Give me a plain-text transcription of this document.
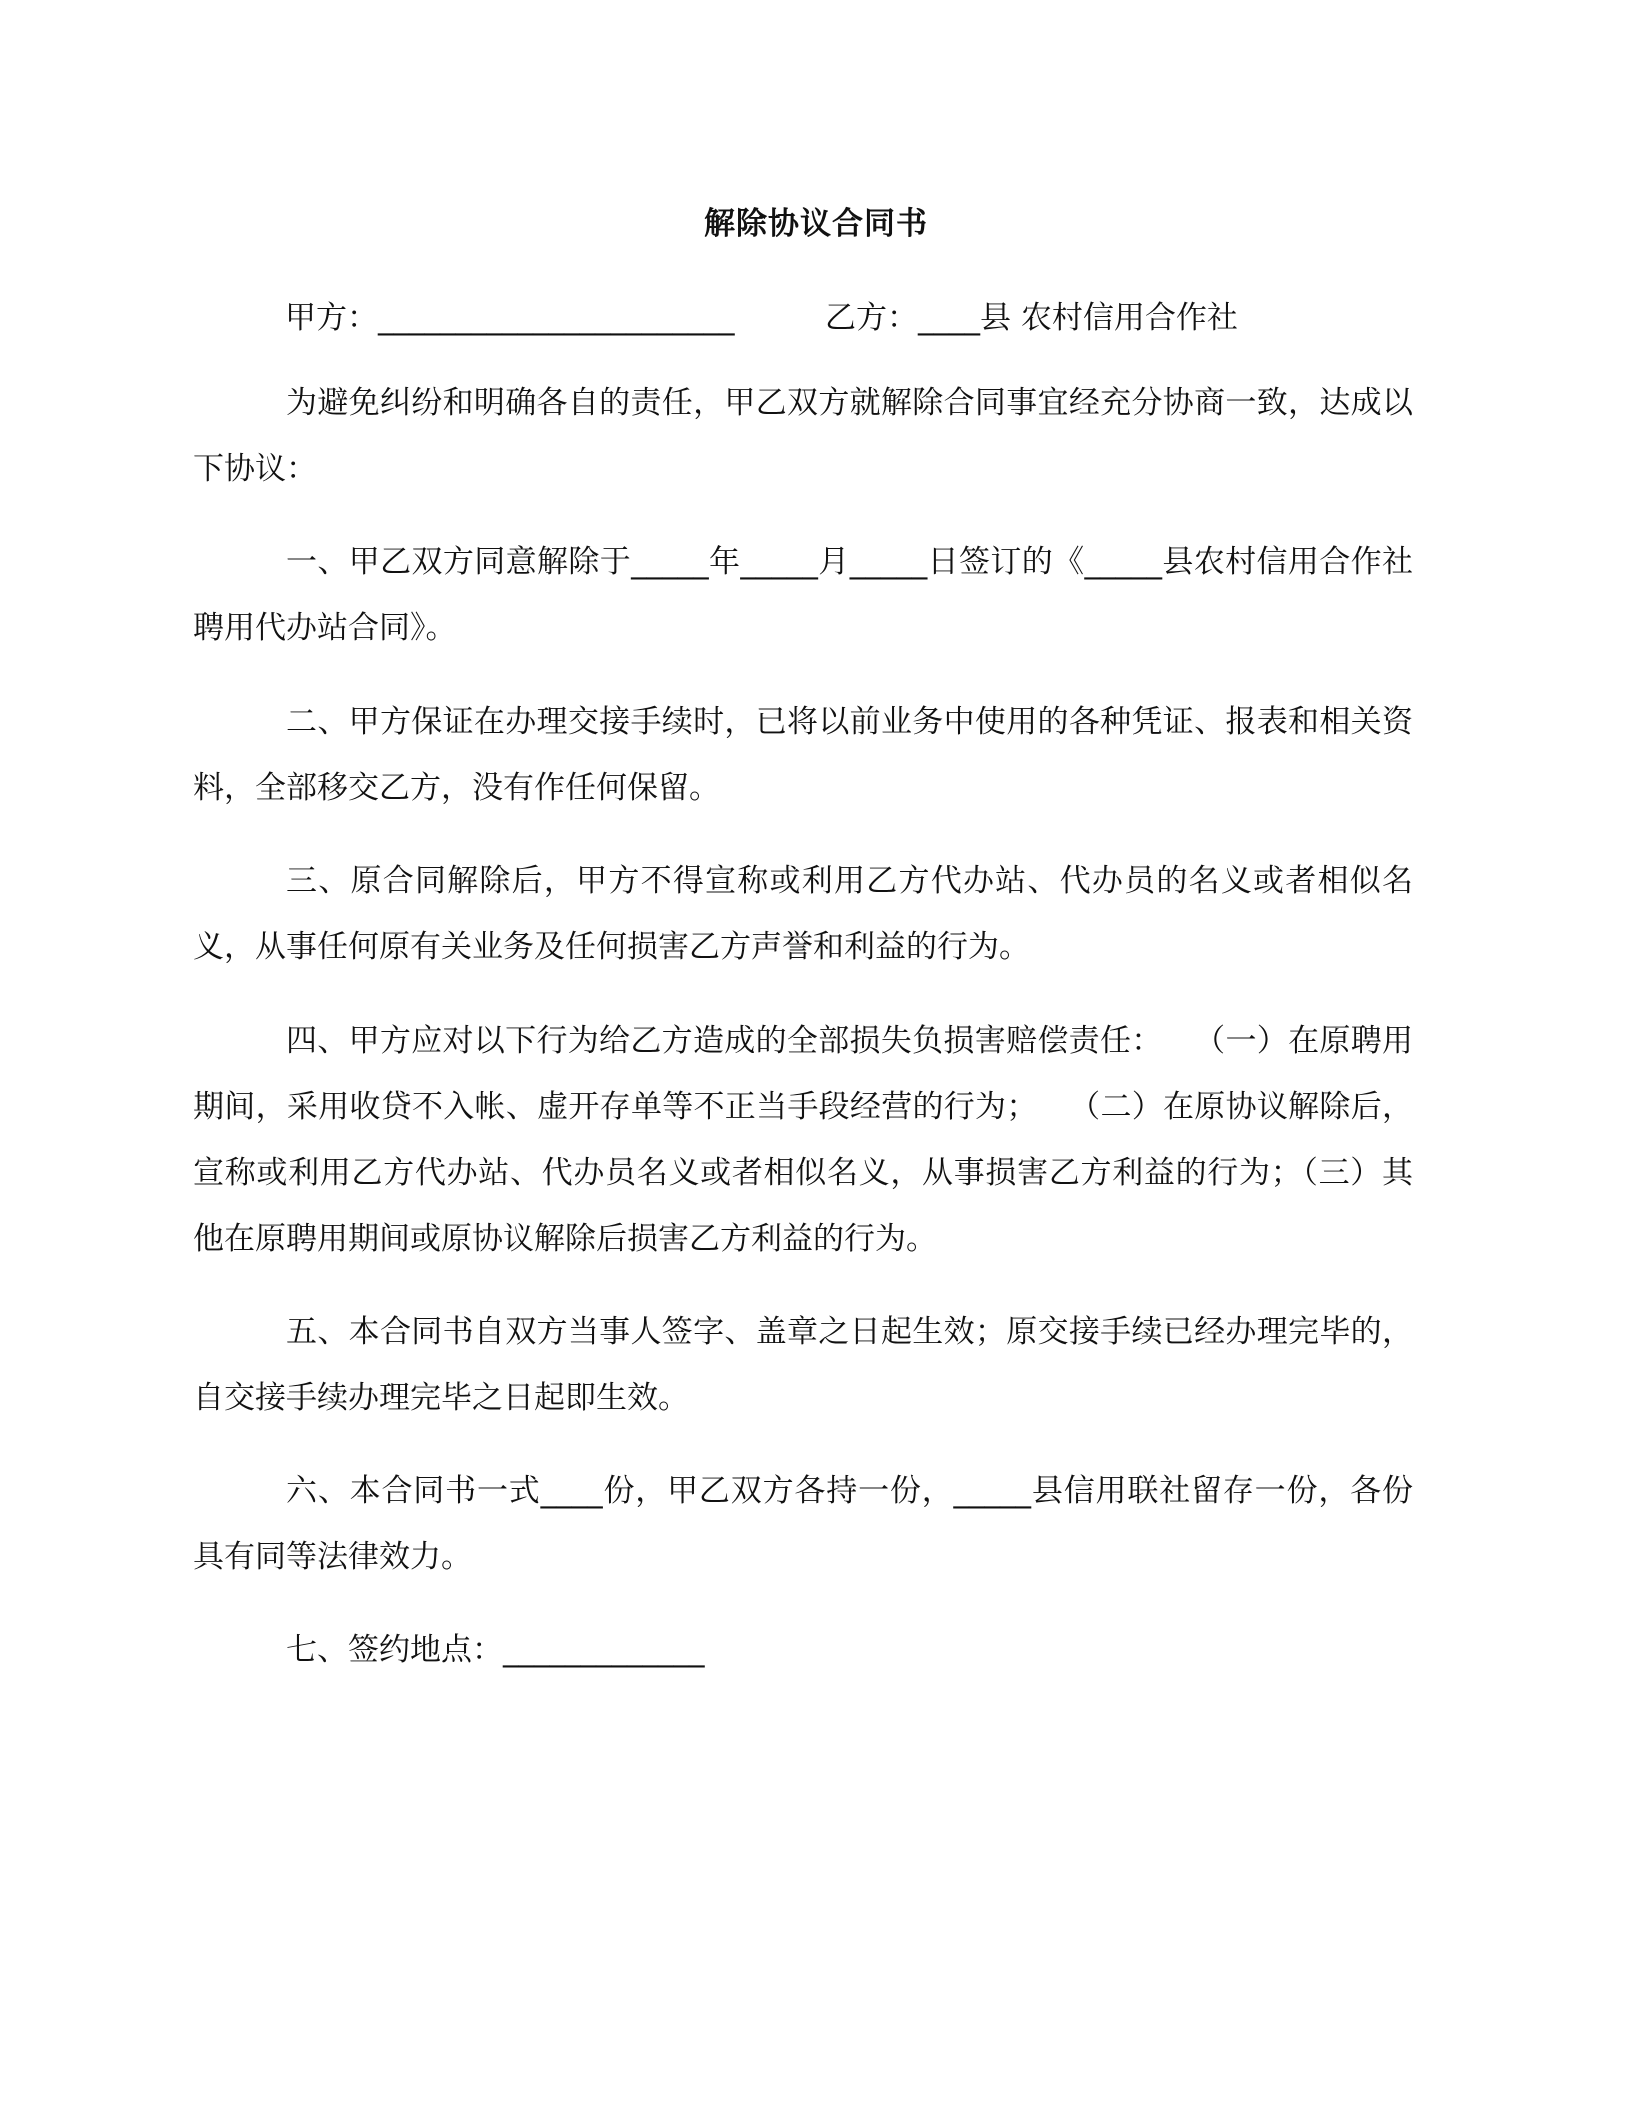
解除协议合同书
甲方：_______________________	乙方：____县 农村信用合作社

为避免纠纷和明确各自的责任，甲乙双方就解除合同事宜经充分协商一致，达成以下协议：

一、甲乙双方同意解除于_____年_____月_____日签订的《_____县农村信用合作社聘用代办站合同》。

二、甲方保证在办理交接手续时，已将以前业务中使用的各种凭证、报表和相关资料，全部移交乙方，没有作任何保留。

三、原合同解除后，甲方不得宣称或利用乙方代办站、代办员的名义或者相似名义，从事任何原有关业务及任何损害乙方声誉和利益的行为。

四、甲方应对以下行为给乙方造成的全部损失负损害赔偿责任：　　（一）在原聘用期间，采用收贷不入帐、虚开存单等不正当手段经营的行为；　　（二）在原协议解除后，宣称或利用乙方代办站、代办员名义或者相似名义，从事损害乙方利益的行为；（三）其他在原聘用期间或原协议解除后损害乙方利益的行为。

五、本合同书自双方当事人签字、盖章之日起生效；原交接手续已经办理完毕的，自交接手续办理完毕之日起即生效。

六、本合同书一式____份，甲乙双方各持一份，_____县信用联社留存一份，各份具有同等法律效力。

七、签约地点：_____________
